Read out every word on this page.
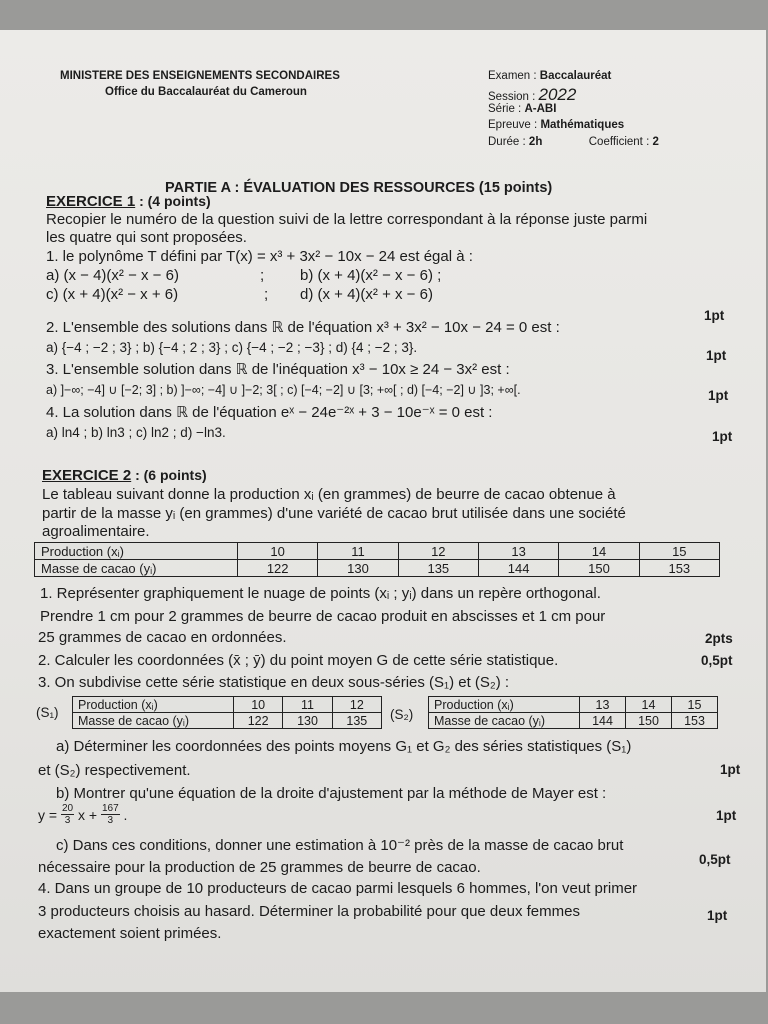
MINISTERE DES ENSEIGNEMENTS SECONDAIRES
Office du Baccalauréat du Cameroun
Examen : Baccalauréat
Session : 2022
Série : A-ABI
Epreuve : Mathématiques
Durée : 2h	Coefficient : 2
PARTIE A : ÉVALUATION DES RESSOURCES (15 points)
EXERCICE 1 : (4 points)
Recopier le numéro de la question suivi de la lettre correspondant à la réponse juste parmi
les quatre qui sont proposées.
1. le polynôme T défini par T(x) = x³ + 3x² − 10x − 24 est égal à :
a) (x − 4)(x² − x − 6)	; b) (x + 4)(x² − x − 6) ;
c) (x + 4)(x² − x + 6)	; d) (x + 4)(x² + x − 6)
1pt
2. L'ensemble des solutions dans ℝ de l'équation x³ + 3x² − 10x − 24 = 0 est :
a) {−4 ; −2 ; 3} ; b) {−4 ; 2 ; 3} ; c) {−4 ; −2 ; −3} ; d) {4 ; −2 ; 3}.
1pt
3. L'ensemble solution dans ℝ de l'inéquation x³ − 10x ≥ 24 − 3x² est :
a) ]−∞; −4] ∪ [−2; 3] ; b) ]−∞; −4] ∪ ]−2; 3[ ; c) [−4; −2] ∪ [3; +∞[ ; d) [−4; −2] ∪ ]3; +∞[.	1pt
4. La solution dans ℝ de l'équation eˣ − 24e⁻²ˣ + 3 − 10e⁻ˣ = 0 est :
a) ln4 ; b) ln3 ; c) ln2 ; d) −ln3.	1pt
EXERCICE 2 : (6 points)
Le tableau suivant donne la production xᵢ (en grammes) de beurre de cacao obtenue à
partir de la masse yᵢ (en grammes) d'une variété de cacao brut utilisée dans une société
agroalimentaire.
Production (xᵢ)	10	11	12	13	14	15
Masse de cacao (yᵢ)	122	130	135	144	150	153
1. Représenter graphiquement le nuage de points (xᵢ ; yᵢ) dans un repère orthogonal.
Prendre 1 cm pour 2 grammes de beurre de cacao produit en abscisses et 1 cm pour
25 grammes de cacao en ordonnées.	2pts
2. Calculer les coordonnées (x̄ ; ȳ) du point moyen G de cette série statistique.	0,5pt
3. On subdivise cette série statistique en deux sous-séries (S₁) et (S₂) :
(S₁)
Production (xᵢ)	10	11	12
Masse de cacao (yᵢ)	122	130	135 (S₂)
Production (xᵢ)	13	14	15
Masse de cacao (yᵢ)	144	150	153
a) Déterminer les coordonnées des points moyens G₁ et G₂ des séries statistiques (S₁)
et (S₂) respectivement.	1pt
b) Montrer qu'une équation de la droite d'ajustement par la méthode de Mayer est :
$y = \frac{20}{3}$ $x + \frac{167}{3}$ .	1pt
c) Dans ces conditions, donner une estimation à 10⁻² près de la masse de cacao brut
nécessaire pour la production de 25 grammes de beurre de cacao.	0,5pt
4. Dans un groupe de 10 producteurs de cacao parmi lesquels 6 hommes, l'on veut primer
3 producteurs choisis au hasard. Déterminer la probabilité pour que deux femmes
exactement soient primées.
1pt
